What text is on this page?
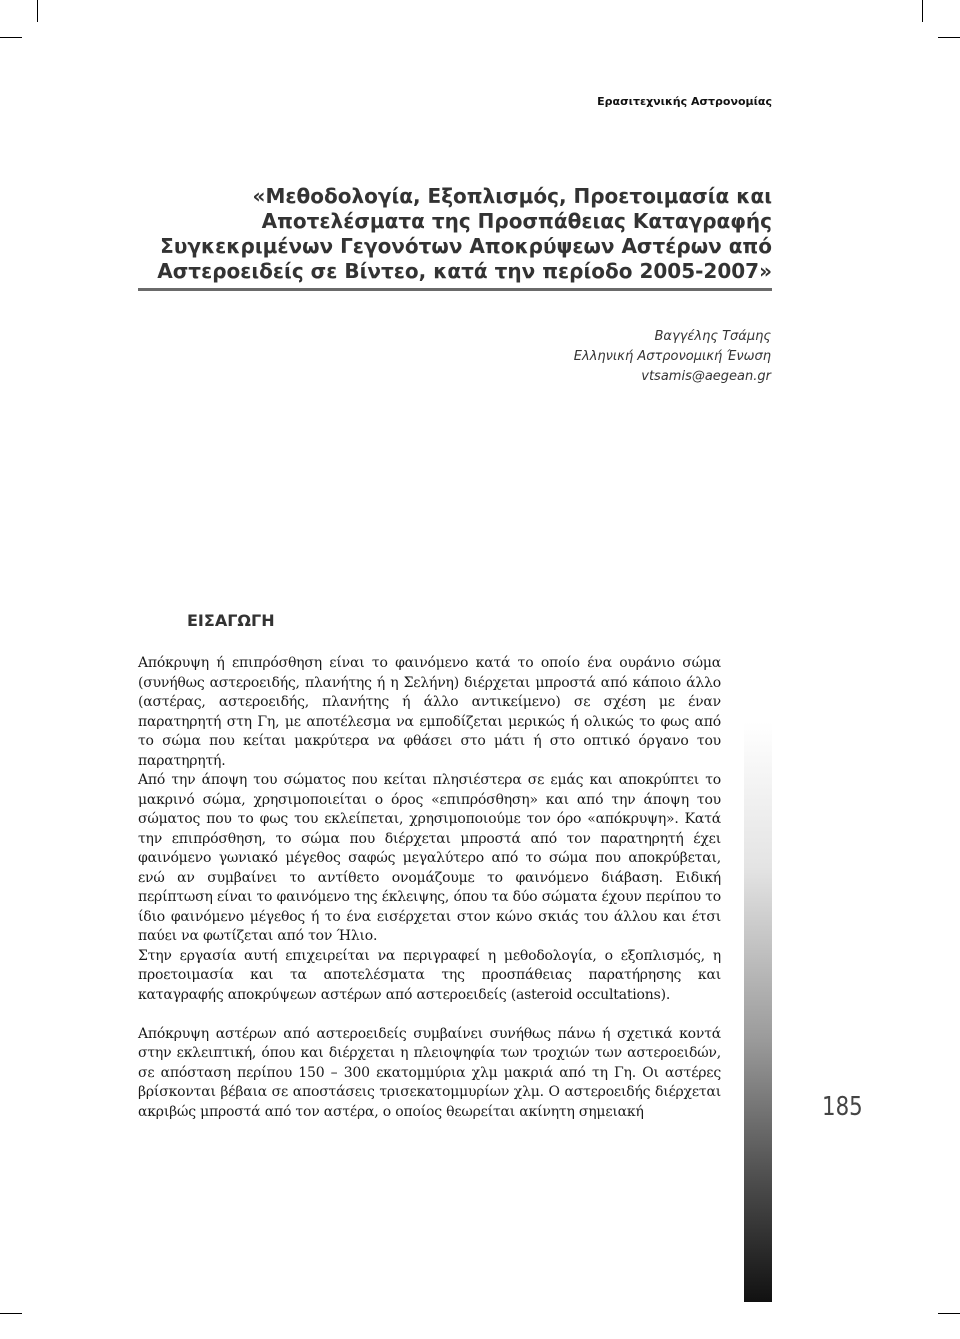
Ερασιτεχνικής Αστρονομίας
«Μεθοδολογία, Εξοπλισμός, Προετοιμασία και
Αποτελέσματα της Προσπάθειας Καταγραφής
Συγκεκριμένων Γεγονότων Αποκρύψεων Αστέρων από
Αστεροειδείς σε Βίντεο, κατά την περίοδο 2005-2007»
Βαγγέλης Τσάμης
Ελληνική Αστρονομική Ένωση
vtsamis@aegean.gr
ΕΙΣΑΓΩΓΗ

Απόκρυψη ή επιπρόσθηση είναι το φαινόμενο κατά το οποίο ένα ουράνιο σώμα (συνήθως αστεροειδής, πλανήτης ή η Σελήνη) διέρχεται μπροστά από κάποιο άλλο (αστέρας, αστεροειδής, πλανήτης ή άλλο αντικείμενο) σε σχέση με έναν παρατηρητή στη Γη, με αποτέλεσμα να εμποδίζεται μερικώς ή ολικώς το φως από το σώμα που κείται μακρύτερα να φθάσει στο μάτι ή στο οπτικό όργανο του παρατηρητή.

Από την άποψη του σώματος που κείται πλησιέστερα σε εμάς και αποκρύπτει το μακρινό σώμα, χρησιμοποιείται ο όρος «επιπρόσθηση» και από την άποψη του σώματος που το φως του εκλείπεται, χρησιμοποιούμε τον όρο «απόκρυψη». Κατά την επιπρόσθηση, το σώμα που διέρχεται μπροστά από τον παρατηρητή έχει φαινόμενο γωνιακό μέγεθος σαφώς μεγαλύτερο από το σώμα που αποκρύβεται, ενώ αν συμβαίνει το αντίθετο ονομάζουμε το φαινόμενο διάβαση. Ειδική περίπτωση είναι το φαινόμενο της έκλειψης, όπου τα δύο σώματα έχουν περίπου το ίδιο φαινόμενο μέγεθος ή το ένα εισέρχεται στον κώνο σκιάς του άλλου και έτσι παύει να φωτίζεται από τον Ήλιο.

Στην εργασία αυτή επιχειρείται να περιγραφεί η μεθοδολογία, ο εξοπλισμός, η προετοιμασία και τα αποτελέσματα της προσπάθειας παρατήρησης και καταγραφής αποκρύψεων αστέρων από αστεροειδείς (asteroid occultations).

Απόκρυψη αστέρων από αστεροειδείς συμβαίνει συνήθως πάνω ή σχετικά κοντά στην εκλειπτική, όπου και διέρχεται η πλειοψηφία των τροχιών των αστεροειδών, σε απόσταση περίπου 150 – 300 εκατομμύρια χλμ μακριά από τη Γη. Οι αστέρες βρίσκονται βέβαια σε αποστάσεις τρισεκατομμυρίων χλμ. Ο αστεροειδής διέρχεται ακριβώς μπροστά από τον αστέρα, ο οποίος θεωρείται ακίνητη σημειακή	185
